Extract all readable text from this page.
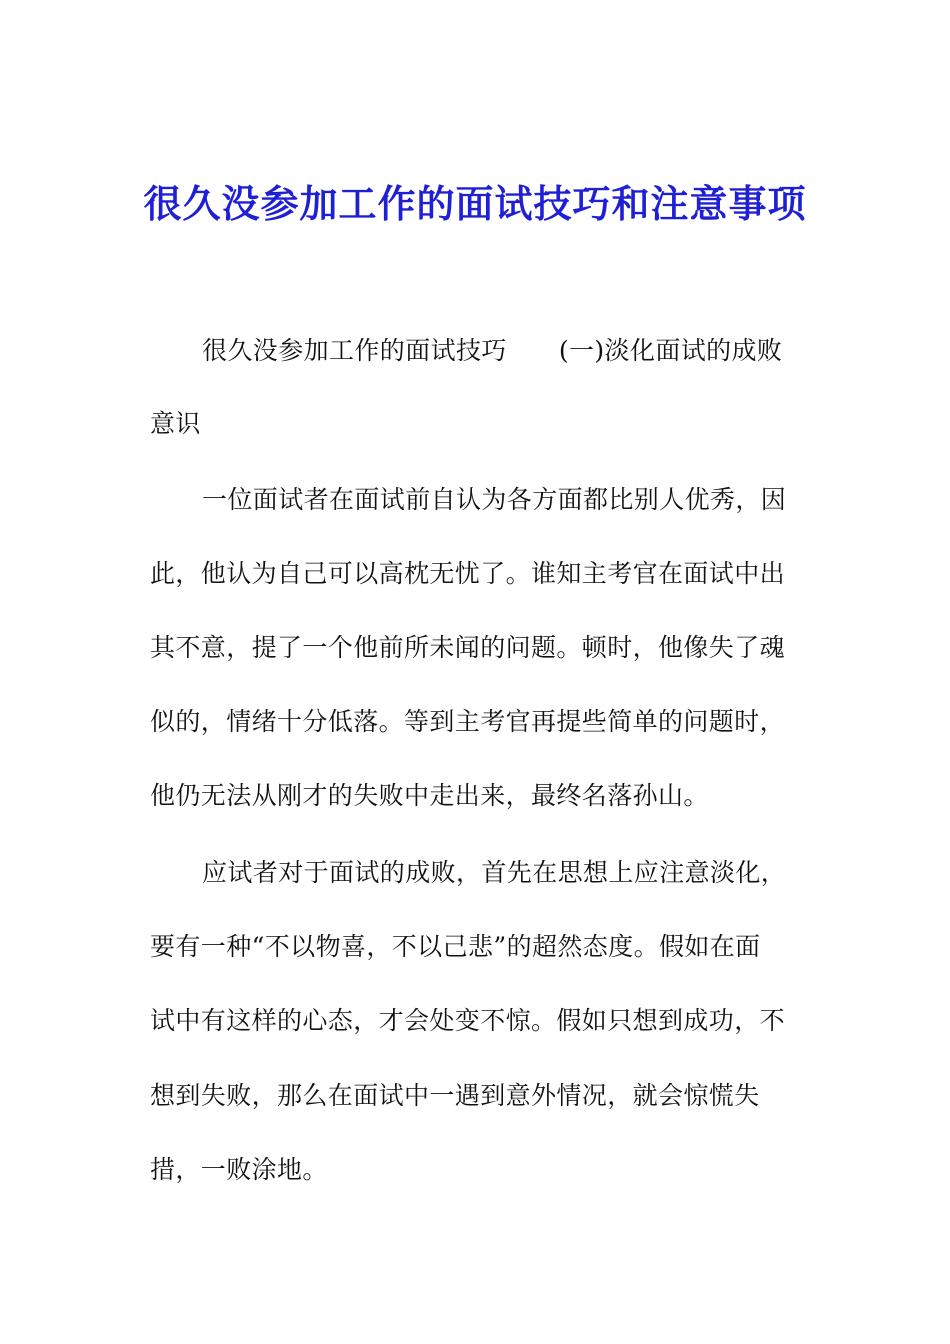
很久没参加工作的面试技巧和注意事项
很久没参加工作的面试技巧 (一)淡化面试的成败
意识
一位面试者在面试前自认为各方面都比别人优秀，因
此，他认为自己可以高枕无忧了。谁知主考官在面试中出
其不意，提了一个他前所未闻的问题。顿时，他像失了魂
似的，情绪十分低落。等到主考官再提些简单的问题时，
他仍无法从刚才的失败中走出来，最终名落孙山。
应试者对于面试的成败，首先在思想上应注意淡化，
要有一种“不以物喜，不以己悲”的超然态度。假如在面
试中有这样的心态，才会处变不惊。假如只想到成功，不
想到失败，那么在面试中一遇到意外情况，就会惊慌失
措，一败涂地。
